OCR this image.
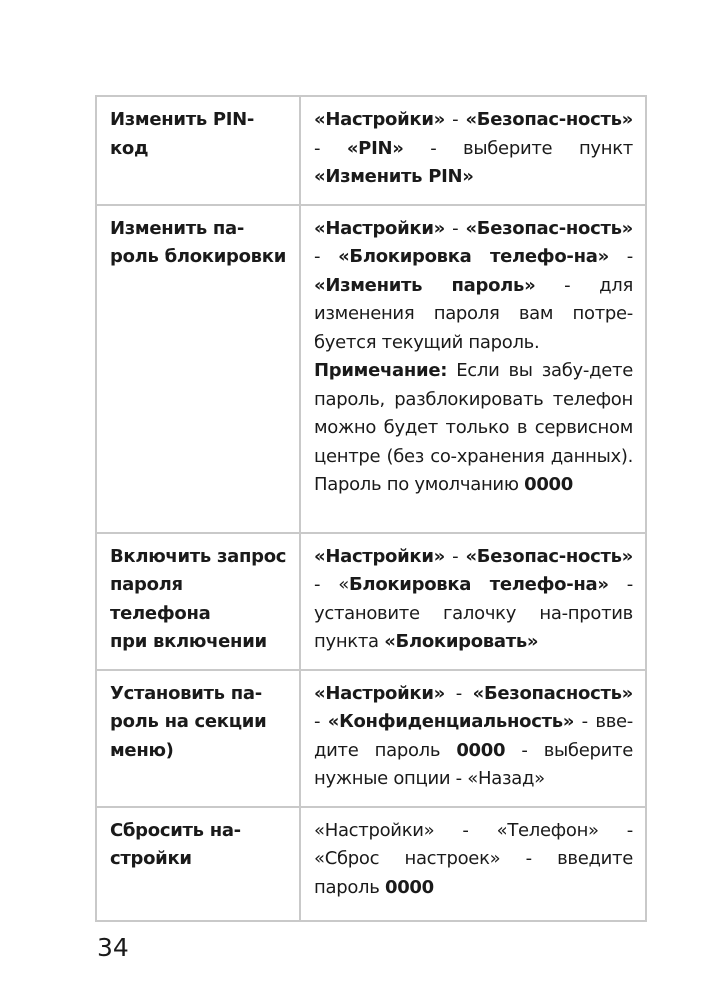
Изменить PIN-
код	«Настройки» - «Безопас-ность» - «PIN» - выберите пункт «Изменить PIN»
Изменить па-
роль блокировки	«Настройки» - «Безопас-ность» - «Блокировка телефо-на» - «Изменить пароль» - для изменения пароля вам потре-буется текущий пароль.
Примечание: Если вы забу-дете пароль, разблокировать телефон можно будет только в сервисном центре (без со-хранения данных). Пароль по умолчанию 0000
Включить запрос
пароля телефона
при включении	«Настройки» - «Безопас-ность» - «Блокировка телефо-на» - установите галочку на-против пункта «Блокировать»
Установить па-
роль на секции
меню)	«Настройки» - «Безопасность» - «Конфиденциальность» - вве-дите пароль 0000 - выберите нужные опции - «Назад»
Сбросить на-
стройки	«Настройки» - «Телефон» - «Сброс настроек» - введите пароль 0000
34
